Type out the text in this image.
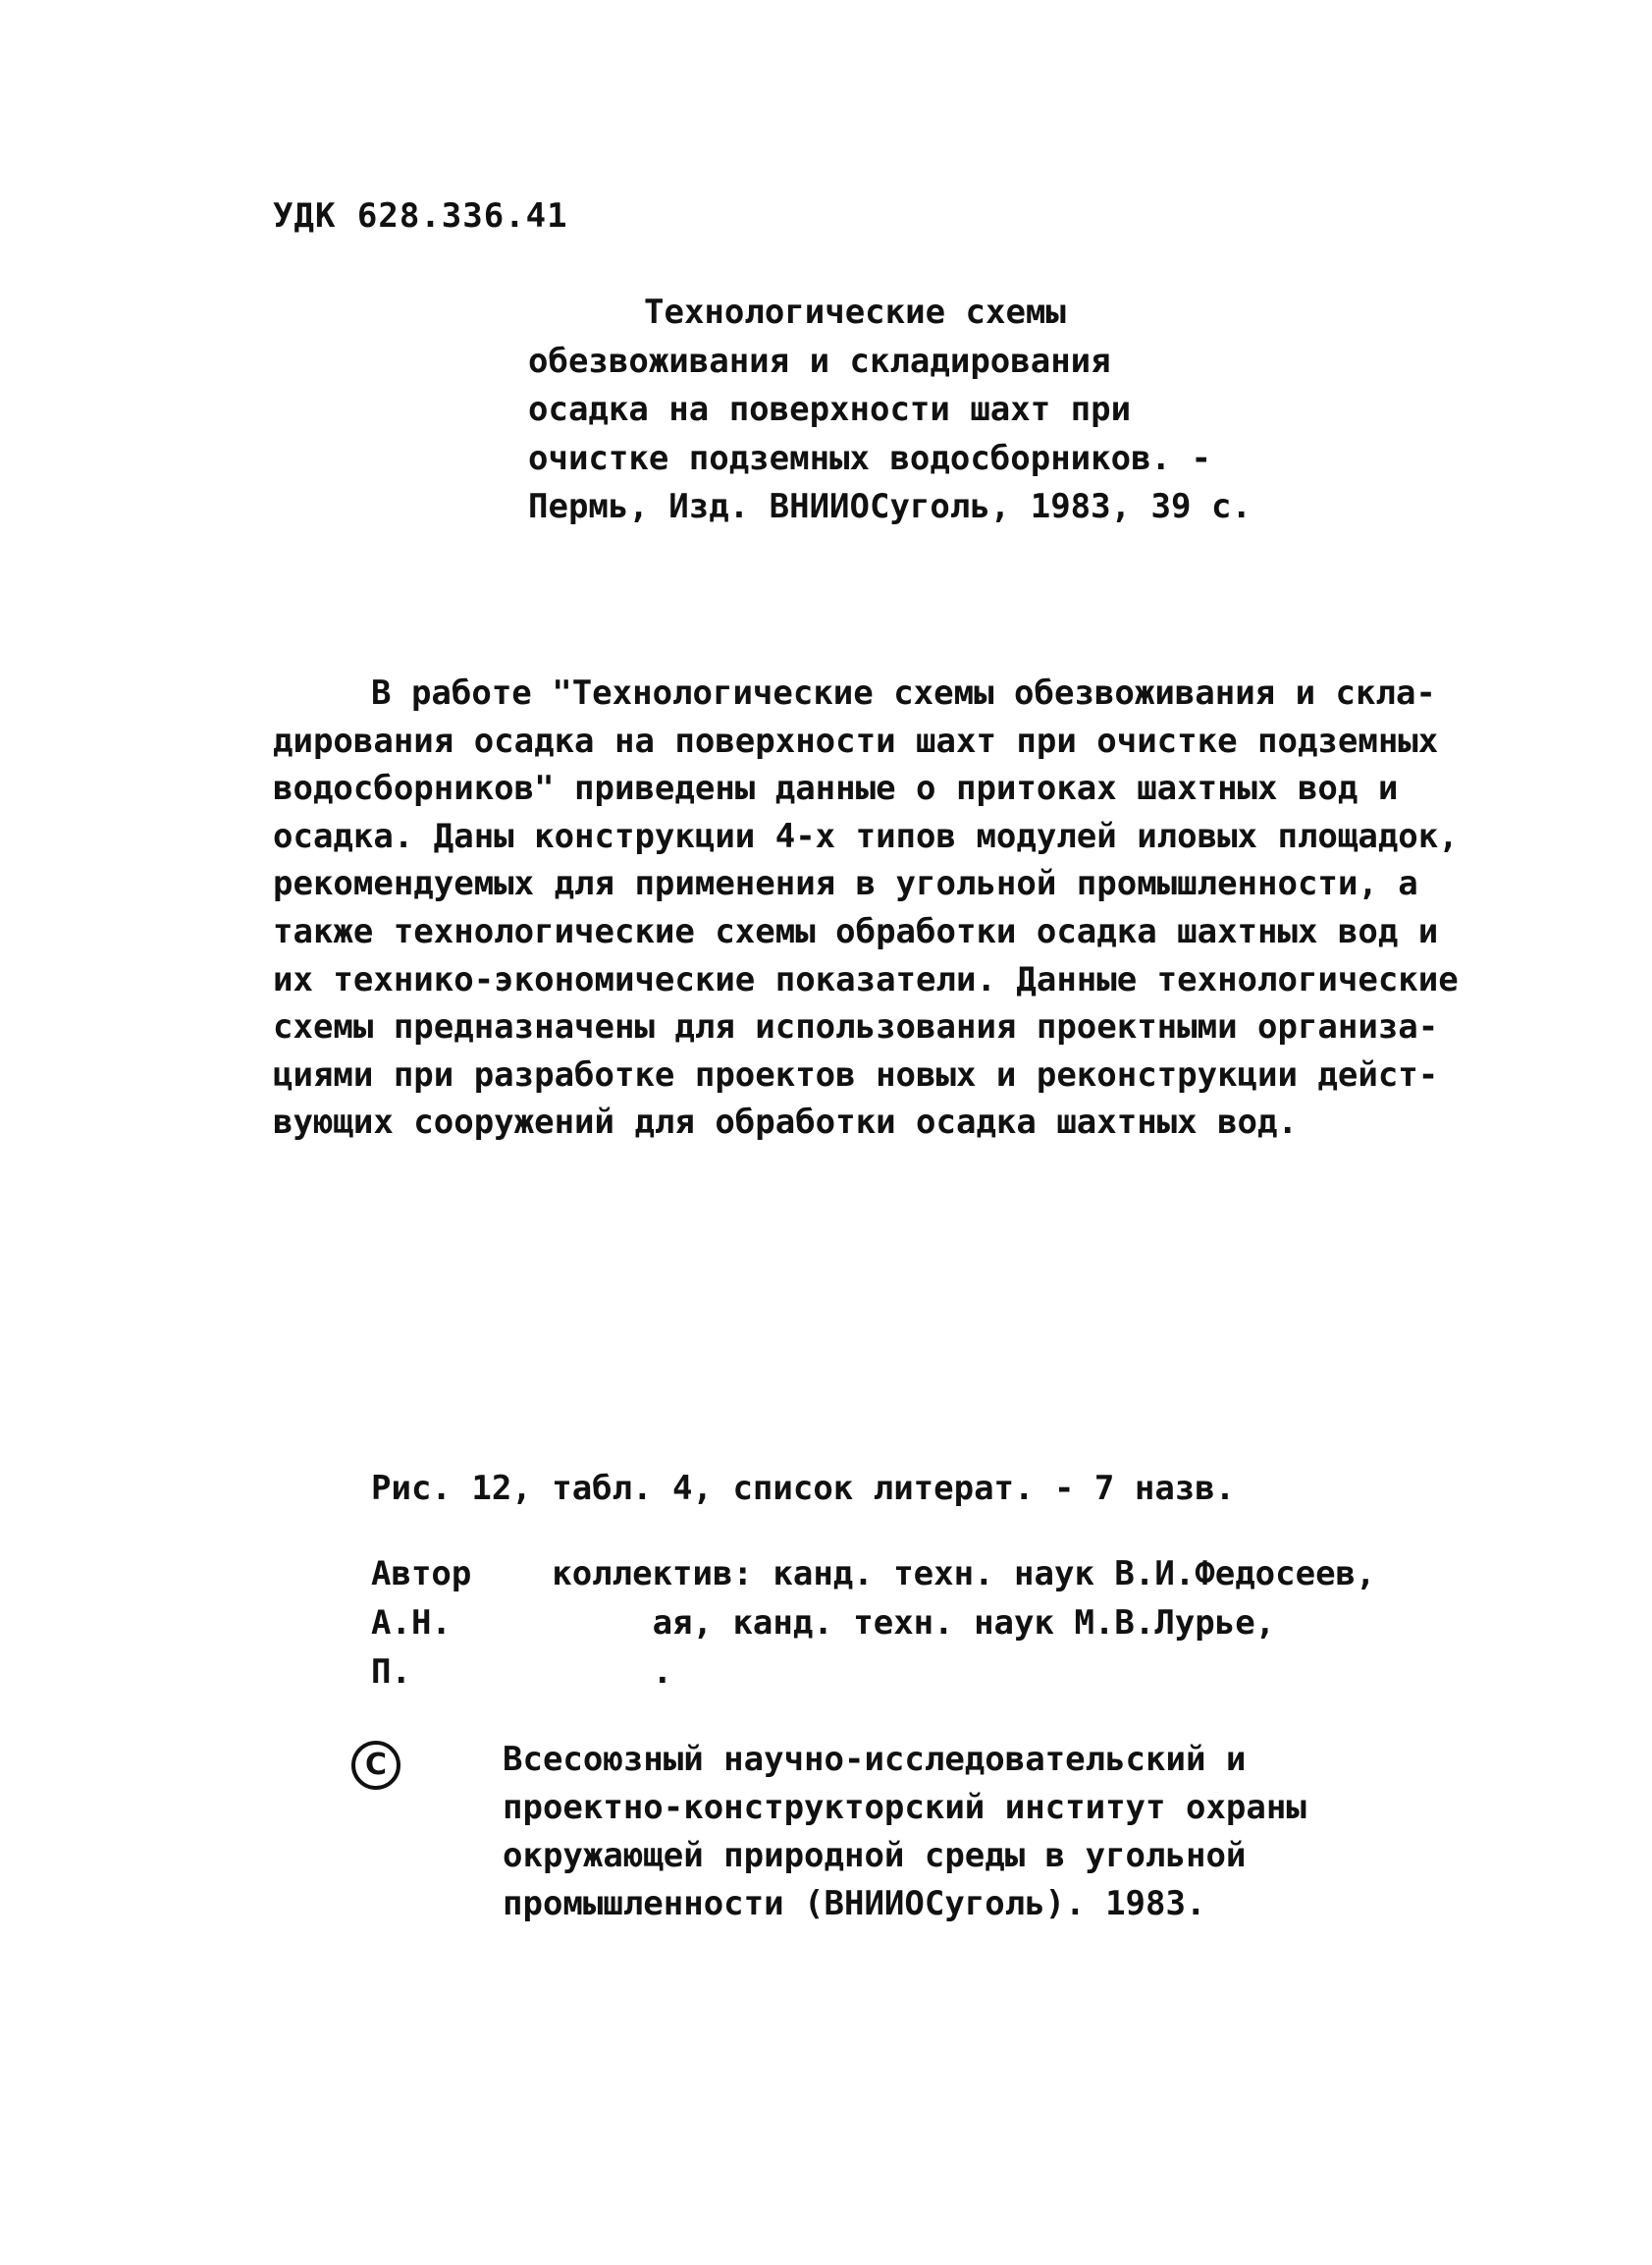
УДК 628.336.41
Технологические схемы
обезвоживания и складирования
осадка на поверхности шахт при
очистке подземных водосборников. -
Пермь, Изд. ВНИИОСуголь, 1983, 39 с.
В работе "Технологические схемы обезвоживания и скла-
дирования осадка на поверхности шахт при очистке подземных
водосборников" приведены данные о притоках шахтных вод и
осадка. Даны конструкции 4-х типов модулей иловых площадок,
рекомендуемых для применения в угольной промышленности, а
также технологические схемы обработки осадка шахтных вод и
их технико-экономические показатели. Данные технологические
схемы предназначены для использования проектными организа-
циями при разработке проектов новых и реконструкции дейст-
вующих сооружений для обработки осадка шахтных вод.
Рис. 12, табл. 4, список литерат. - 7 назв.
Автор    коллектив: канд. техн. наук В.И.Федосеев,
А.Н.          ая, канд. техн. наук М.В.Лурье,
П.            .
C	Всесоюзный научно-исследовательский и
проектно-конструкторский институт охраны
окружающей природной среды в угольной
промышленности (ВНИИОСуголь). 1983.
